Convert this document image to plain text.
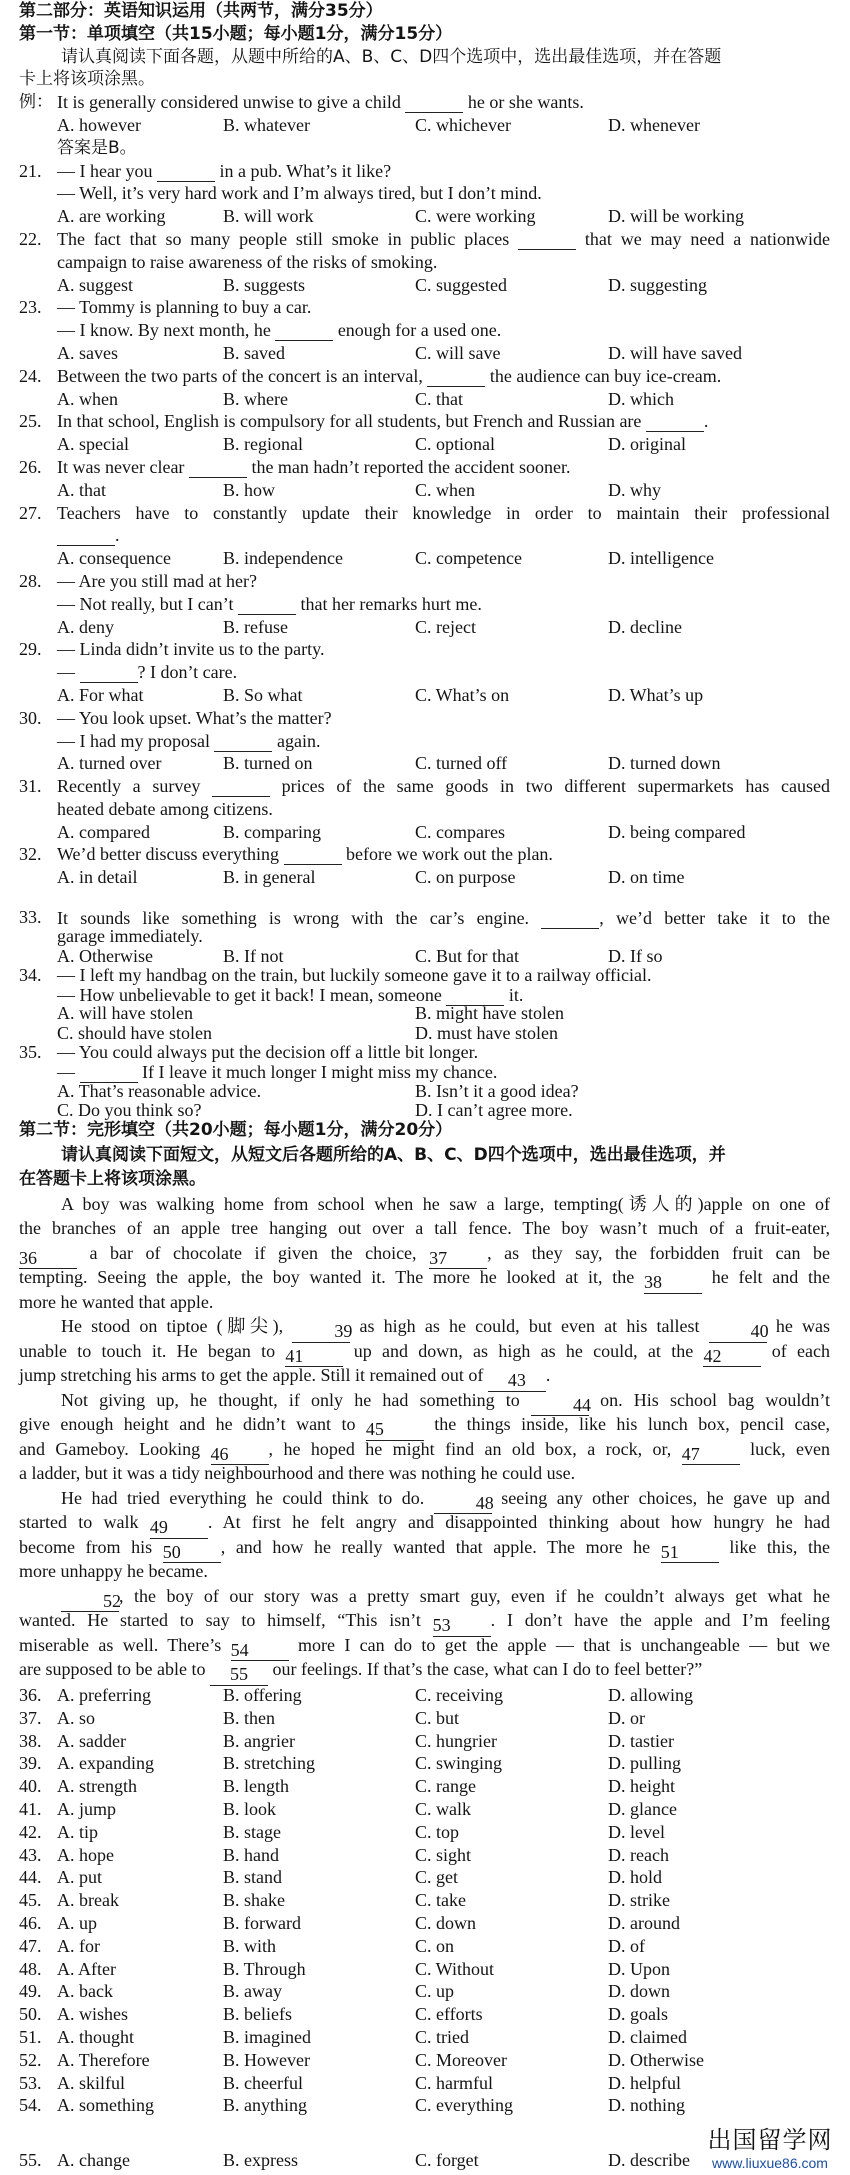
第二部分：英语知识运用（共两节，满分35分）
第一节：单项填空（共15小题；每小题1分，满分15分）
请认真阅读下面各题，从题中所给的A、B、C、D四个选项中，选出最佳选项，并在答题
卡上将该项涂黑。
例： It is generally considered unwise to give a child	he or she wants.
A. however	B. whatever	C. whichever	D. whenever
答案是B。
21. — I hear you	in a pub. What’s it like?
— Well, it’s very hard work and I’m always tired, but I don’t mind.
A. are working	B. will work	C. were working	D. will be working
22. The fact that so many people still smoke in public places	that we may need a nationwide
campaign to raise awareness of the risks of smoking.
A. suggest	B. suggests	C. suggested	D. suggesting
23. — Tommy is planning to buy a car.
— I know. By next month, he	enough for a used one.
A. saves	B. saved	C. will save	D. will have saved
24. Between the two parts of the concert is an interval,	the audience can buy ice-cream.
A. when	B. where	C. that	D. which
25. In that school, English is compulsory for all students, but French and Russian are	.
A. special	B. regional	C. optional	D. original
26. It was never clear	the man hadn’t reported the accident sooner.
A. that	B. how	C. when	D. why
27. Teachers have to constantly update their knowledge in order to maintain their professional
.
A. consequence	B. independence	C. competence	D. intelligence
28. — Are you still mad at her?
— Not really, but I can’t	that her remarks hurt me.
A. deny	B. refuse	C. reject	D. decline
29. — Linda didn’t invite us to the party.
—	? I don’t care.
A. For what	B. So what	C. What’s on	D. What’s up
30. — You look upset. What’s the matter?
— I had my proposal	again.
A. turned over	B. turned on	C. turned off	D. turned down
31. Recently a survey	prices of the same goods in two different supermarkets has caused
heated debate among citizens.
A. compared	B. comparing	C. compares	D. being compared
32. We’d better discuss everything	before we work out the plan.
A. in detail	B. in general	C. on purpose	D. on time
33. It sounds like something is wrong with the car’s engine.	, we’d better take it to the
garage immediately.
A. Otherwise	B. If not	C. But for that	D. If so
34. — I left my handbag on the train, but luckily someone gave it to a railway official.
— How unbelievable to get it back! I mean, someone	it.
A. will have stolen	B. might have stolen
C. should have stolen	D. must have stolen
35. — You could always put the decision off a little bit longer.
—	If I leave it much longer I might miss my chance.
A. That’s reasonable advice.	B. Isn’t it a good idea?
C. Do you think so?	D. I can’t agree more.
第二节：完形填空（共20小题；每小题1分，满分20分）
请认真阅读下面短文，从短文后各题所给的A、B、C、D四个选项中，选出最佳选项，并
在答题卡上将该项涂黑。
A boy was walking home from school when he saw a large, tempting(诱人的)apple on one of
the branches of an apple tree hanging out over a tall fence. The boy wasn’t much of a fruit-eater,
36 a bar of chocolate if given the choice, 37 , as they say, the forbidden fruit can be
tempting. Seeing the apple, the boy wanted it. The more he looked at it, the 38 he felt and the
more he wanted that apple.
He stood on tiptoe (脚尖), 39 as high as he could, but even at his tallest 40 he was
unable to touch it. He began to 41 up and down, as high as he could, at the 42 of each
jump stretching his arms to get the apple. Still it remained out of 43 .
Not giving up, he thought, if only he had something to 44 on. His school bag wouldn’t
give enough height and he didn’t want to 45 the things inside, like his lunch box, pencil case,
and Gameboy. Looking 46 , he hoped he might find an old box, a rock, or, 47 luck, even
a ladder, but it was a tidy neighbourhood and there was nothing he could use.
He had tried everything he could think to do. 48 seeing any other choices, he gave up and
started to walk 49 . At first he felt angry and disappointed thinking about how hungry he had
become from his 50 , and how he really wanted that apple. The more he 51 like this, the
more unhappy he became.
52, the boy of our story was a pretty smart guy, even if he couldn’t always get what he
wanted. He started to say to himself, “This isn’t 53 . I don’t have the apple and I’m feeling
miserable as well. There’s 54 more I can do to get the apple — that is unchangeable — but we
are supposed to be able to 55 our feelings. If that’s the case, what can I do to feel better?”
36. A. preferring	B. offering	C. receiving	D. allowing
37. A. so	B. then	C. but	D. or
38. A. sadder	B. angrier	C. hungrier	D. tastier
39. A. expanding	B. stretching	C. swinging	D. pulling
40. A. strength	B. length	C. range	D. height
41. A. jump	B. look	C. walk	D. glance
42. A. tip	B. stage	C. top	D. level
43. A. hope	B. hand	C. sight	D. reach
44. A. put	B. stand	C. get	D. hold
45. A. break	B. shake	C. take	D. strike
46. A. up	B. forward	C. down	D. around
47. A. for	B. with	C. on	D. of
48. A. After	B. Through	C. Without	D. Upon
49. A. back	B. away	C. up	D. down
50. A. wishes	B. beliefs	C. efforts	D. goals
51. A. thought	B. imagined	C. tried	D. claimed
52. A. Therefore	B. However	C. Moreover	D. Otherwise
53. A. skilful	B. cheerful	C. harmful	D. helpful
54. A. something	B. anything	C. everything	D. nothing
55. A. change	B. express	C. forget	D. describe
出国留学网
www.liuxue86.com
